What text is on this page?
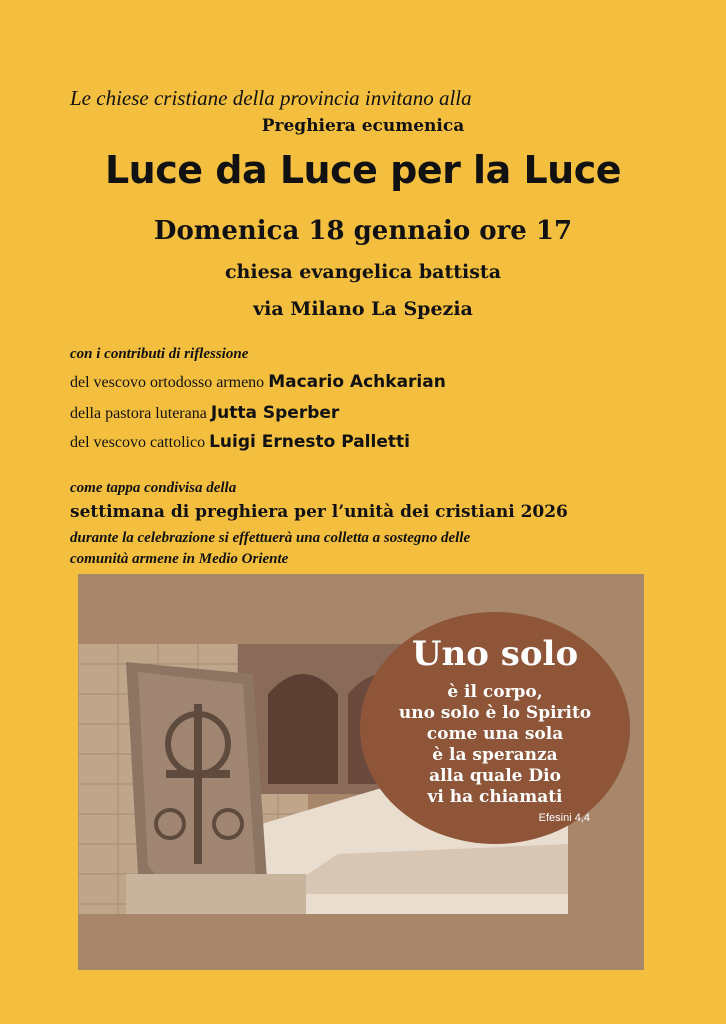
Le chiese cristiane della provincia invitano alla

Preghiera ecumenica

Luce da Luce per la Luce

Domenica 18 gennaio ore 17

chiesa evangelica battista

via Milano La Spezia

con i contributi di riflessione

del vescovo ortodosso armeno Macario Achkarian

della pastora luterana Jutta Sperber

del vescovo cattolico Luigi Ernesto Palletti

come tappa condivisa della

settimana di preghiera per l’unità dei cristiani 2026

durante la celebrazione si effettuerà una colletta a sostegno delle

comunità armene in Medio Oriente

Uno solo

è il corpo,

uno solo è lo Spirito

come una sola

è la speranza

alla quale Dio

vi ha chiamati

Efesini 4,4
